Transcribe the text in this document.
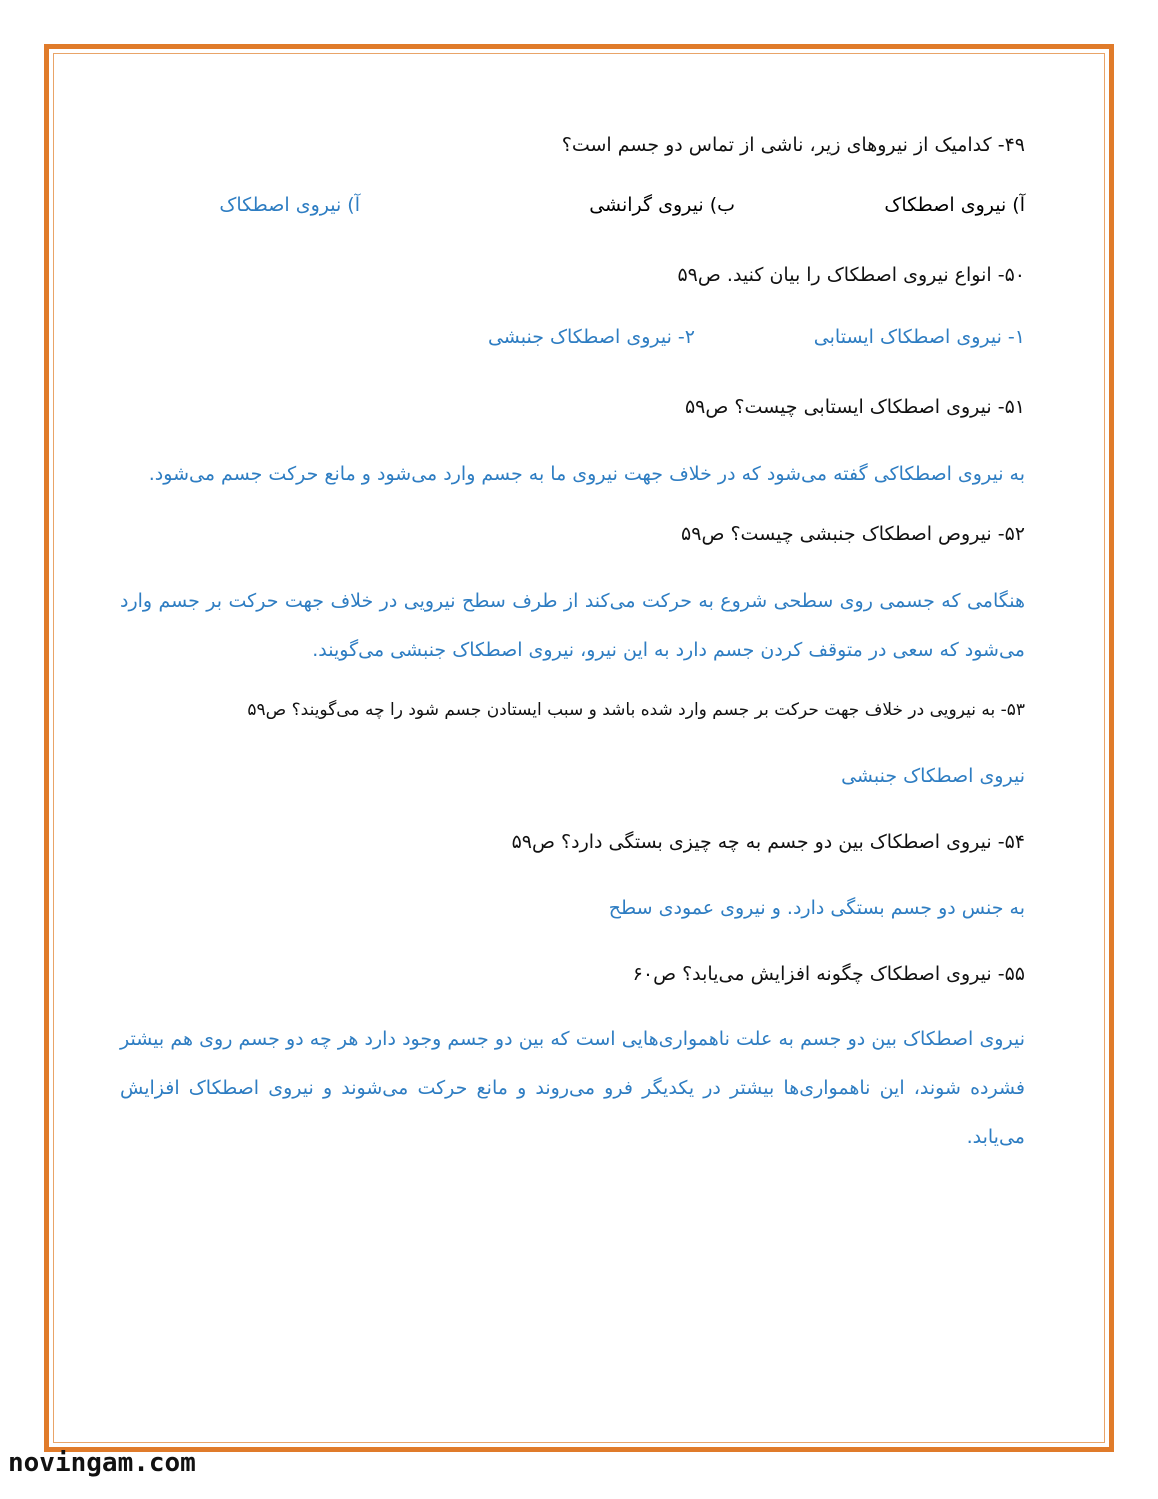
۴۹- کدامیک از نیروهای زیر، ناشی از تماس دو جسم است؟
آ) نیروی اصطکاک
ب) نیروی گرانشی
آ) نیروی اصطکاک
۵۰- انواع نیروی اصطکاک را بیان کنید. ص۵۹
۱- نیروی اصطکاک ایستابی
۲- نیروی اصطکاک جنبشی
۵۱- نیروی اصطکاک ایستابی چیست؟ ص۵۹
به نیروی اصطکاکی گفته می‌شود که در خلاف جهت نیروی ما به جسم وارد می‌شود و مانع حرکت جسم می‌شود.
۵۲- نیروص اصطکاک جنبشی چیست؟ ص۵۹
هنگامی که جسمی روی سطحی شروع به حرکت می‌کند از طرف سطح نیرویی در خلاف جهت حرکت بر جسم وارد می‌شود که سعی در متوقف کردن جسم دارد به این نیرو، نیروی اصطکاک جنبشی می‌گویند.
۵۳- به نیرویی در خلاف جهت حرکت بر جسم وارد شده باشد و سبب ایستادن جسم شود را چه می‌گویند؟ ص۵۹
نیروی اصطکاک جنبشی
۵۴- نیروی اصطکاک بین دو جسم به چه چیزی بستگی دارد؟ ص۵۹
به جنس دو جسم بستگی دارد. و نیروی عمودی سطح
۵۵- نیروی اصطکاک چگونه افزایش می‌یابد؟ ص۶۰
نیروی اصطکاک بین دو جسم به علت ناهمواری‌هایی است که بین دو جسم وجود دارد هر چه دو جسم روی هم بیشتر فشرده شوند، این ناهمواری‌ها بیشتر در یکدیگر فرو می‌روند و مانع حرکت می‌شوند و نیروی اصطکاک افزایش می‌یابد.
novingam.com
